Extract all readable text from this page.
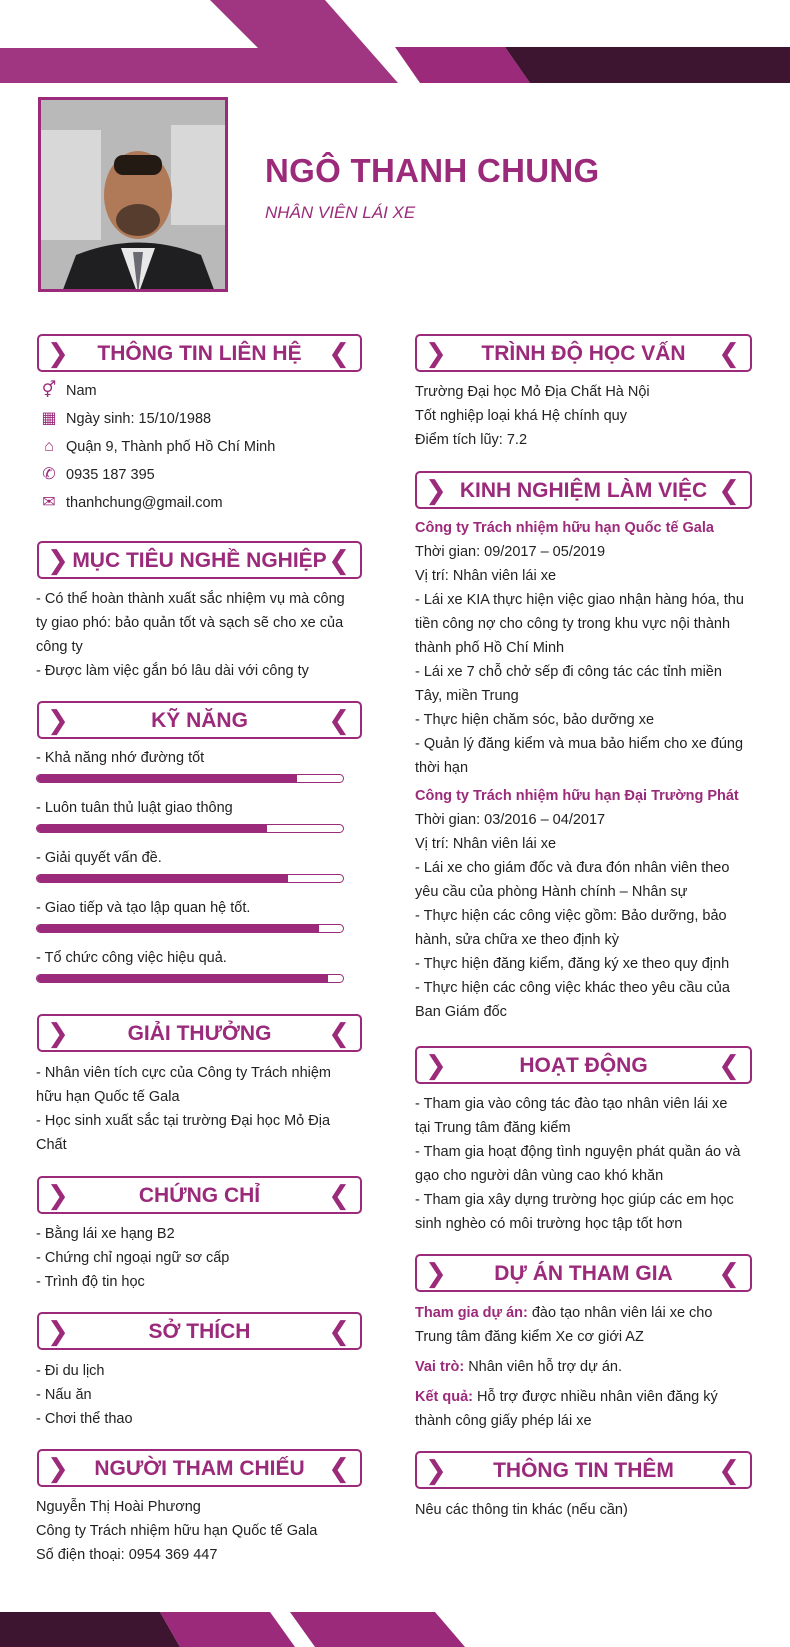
NGÔ THANH CHUNG
NHÂN VIÊN LÁI XE
❯	THÔNG TIN LIÊN HỆ	❮
⚥ Nam
▦ Ngày sinh: 15/10/1988
⌂ Quận 9, Thành phố Hồ Chí Minh
✆ 0935 187 395
✉ thanhchung@gmail.com
❯ MỤC TIÊU NGHỀ NGHIỆP ❮
- Có thể hoàn thành xuất sắc nhiệm vụ mà công
ty giao phó: bảo quản tốt và sạch sẽ cho xe của
công ty
- Được làm việc gắn bó lâu dài với công ty
❯	KỸ NĂNG	❮
- Khả năng nhớ đường tốt
- Luôn tuân thủ luật giao thông
- Giải quyết vấn đề.
- Giao tiếp và tạo lập quan hệ tốt.
- Tổ chức công việc hiệu quả.
❯	GIẢI THƯỞNG	❮
- Nhân viên tích cực của Công ty Trách nhiệm
hữu hạn Quốc tế Gala
- Học sinh xuất sắc tại trường Đại học Mỏ Địa
Chất
❯	CHỨNG CHỈ	❮
- Bằng lái xe hạng B2
- Chứng chỉ ngoại ngữ sơ cấp
- Trình độ tin học
❯	SỞ THÍCH	❮
- Đi du lịch
- Nấu ăn
- Chơi thể thao
❯	NGƯỜI THAM CHIẾU ❮
Nguyễn Thị Hoài Phương
Công ty Trách nhiệm hữu hạn Quốc tế Gala
Số điện thoại: 0954 369 447
❯	TRÌNH ĐỘ HỌC VẤN	❮
Trường Đại học Mỏ Địa Chất Hà Nội
Tốt nghiệp loại khá Hệ chính quy
Điểm tích lũy: 7.2
❯ KINH NGHIỆM LÀM VIỆC ❮
Công ty Trách nhiệm hữu hạn Quốc tế Gala
Thời gian: 09/2017 – 05/2019
Vị trí: Nhân viên lái xe
- Lái xe KIA thực hiện việc giao nhận hàng hóa, thu
tiền công nợ cho công ty trong khu vực nội thành
thành phố Hồ Chí Minh
- Lái xe 7 chỗ chở sếp đi công tác các tỉnh miền
Tây, miền Trung
- Thực hiện chăm sóc, bảo dưỡng xe
- Quản lý đăng kiểm và mua bảo hiểm cho xe đúng
thời hạn
Công ty Trách nhiệm hữu hạn Đại Trường Phát
Thời gian: 03/2016 – 04/2017
Vị trí: Nhân viên lái xe
- Lái xe cho giám đốc và đưa đón nhân viên theo
yêu cầu của phòng Hành chính – Nhân sự
- Thực hiện các công việc gồm: Bảo dưỡng, bảo
hành, sửa chữa xe theo định kỳ
- Thực hiện đăng kiểm, đăng ký xe theo quy định
- Thực hiện các công việc khác theo yêu cầu của
Ban Giám đốc
❯	HOẠT ĐỘNG	❮
- Tham gia vào công tác đào tạo nhân viên lái xe
tại Trung tâm đăng kiểm
- Tham gia hoạt động tình nguyện phát quần áo và
gạo cho người dân vùng cao khó khăn
- Tham gia xây dựng trường học giúp các em học
sinh nghèo có môi trường học tập tốt hơn
❯	DỰ ÁN THAM GIA	❮
Tham gia dự án: đào tạo nhân viên lái xe cho
Trung tâm đăng kiểm Xe cơ giới AZ
Vai trò: Nhân viên hỗ trợ dự án.
Kết quả: Hỗ trợ được nhiều nhân viên đăng ký
thành công giấy phép lái xe
❯	THÔNG TIN THÊM	❮
Nêu các thông tin khác (nếu cần)
